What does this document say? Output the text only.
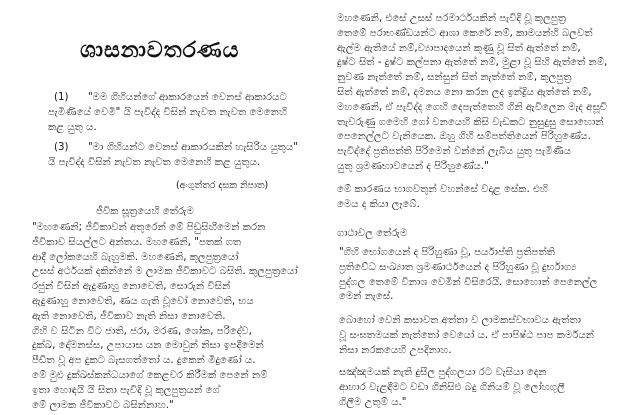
ශාසනාවතරණය
(1) "මම ගිහියන්ගේ ආකාරයෙන් වෙනස් ආකාරයට
පැමිණියේ වෙමි" යි පැවිද්ද විසින් නැවත නැවත මෙනෙහි
කළ යුතු ය.
(3) "මා ගිහියන්ට වෙනස් ආකාරයකින් හැසිරිය යුතුය"
යි පැවිද්ද විසින් නැවත නැවත මෙනෙහි කළ යුතුය.
(අංගුත්තර දසක නිපාත)
ජීවික සූත්‍රයෙහි තේරුම
"මහණෙනි; ජීවිකාවන් අතුරෙන් මේ පිඩුසිඟීමෙන් කරන
ජීවිකාව සියල්ලට අන්තය. මහණෙනි, "පතක් ගත
ආදී ලෝකයෙහි බැහුමකි. මහණෙනි, කුලපුත්‍රයෝ
උසස් අර්ථයක් දකින්නේ ම ලාමක ජීවිකාවට බසිති. කුලපුත්‍රයෝ
රජුන් විසින් ඇදුණාහු නොවෙති, සොරුන් විසින්
ඇදුණාහු නොවෙති, ණය ගැති වූවෝ නොවෙති, භය
ඇති නොවෙති, ජීවිකාව නැති නිසා නොවෙති.
ගිහි ව සිටින විට ජාති, ජරා, මරණ, ශෝක, පරිදේව,
දුක්ඛ, දෝමනස්ස, උපායාස යන මොවුන් නිසා ඉපදීමෙන්
පීඩිත වූ අප දුකට බැසගත්තෝ ය. දුකෙන් මිදුණෝ ය.
මේ මුළු දුක්ඛස්කන්ධයාගේ කෙළවර කිරීමක් පෙනේ නම්
ඉතා හොඳයි යි සිතා පැවිදි වූ කුලපුත්‍රයන් ගේ
මේ ලාමක ජීවිකාවට බසින්නාහ."
මහණෙනි, එසේ උසස් පරමාර්ථයකින් පැවිදි වූ කුලපුත්‍ර
තෙමේ පරාභණ්ඩයන්ට ආශා කෙරේ නම්, කාමයන්හි බලවත්
ඇල්ම ඇතියේ නම්,ව්‍යාපාදයෙන් කුණු වූ සිත් ඇත්තේ නම්,
දුෂ්ට සිත් - දුෂ්ට කල්පනා ඇත්තේ නම්, මුළා වූ සිහි ඇත්තේ නම්,
නුවණ නැත්තේ නම්, සන්සුන් සිත් නැත්තේ නම්, කුලපුත්‍ර
සිත් ඇත්තේ නම්, දමනය නො කරන ලද ඉන්ද්‍රිය ඇත්තේ නම්,
මහණෙනි, ඒ පැවිද්ද ගෙහි දෙපැත්තෙහි ගිනි ඇවිලෙන මැද අසූචි
තැවරුණු ගමෙහි ගෝ වනයෙහි කිසි වැඩකට නුසුදුසු සොහොන්
පෙනෙල්ලට වැනියෙක. ඔහු ගිහි සම්පත්තියෙන් පිරිහුණේය.
පැවිද්දේ ප්‍රතිපත්ති පිරිමෙන් වන්නේ ලැබිය යුතු පැමිණිය
යුතු ශ්‍රමණභාවයෙන් ද පිරිහුණේය."
මේ කාරණය භාගවතුන් වහන්සේ වදාළ සේක. එහි
මෙය ද කියා ලෑබේ.
ගාථාවල තේරුම
"ගිහි භෝගයෙන් ද පිරිහුණා වූ, පර්යාප්ති ප්‍රතිපත්ති
ප්‍රතිවේධ සංඛ්‍යාත ශ්‍රමණාර්ථයෙන් ද පිරිහුණා වූ දුර්භාග්‍ය
පුද්ගල තෙමේ විනාශ වෙමින් විසිරෙයි. සොහොන් පෙනෙල්ල
මෙන් නැසේ.
බොහෝ වෙනි කසාවත අත්තා ව ලාමකස්වභාවය ඇත්තා
වූ සංඝතමයක් නැත්තෝ වෙයෝ ය. ඒ පාපිෂ්ඨ පාප කර්මයන්
නිසා නරකයෙහි උපදිනාහ.
සඤ්ඤමයක් නැති දුසීල පුද්ගලයා රට වැසියා දෙන
ආහාර වැළඳීමට වඩා ගිනිසිළු බදු ගිනියම් වූ ලෝහගුලී
ගිලීම උතුම් ය."
